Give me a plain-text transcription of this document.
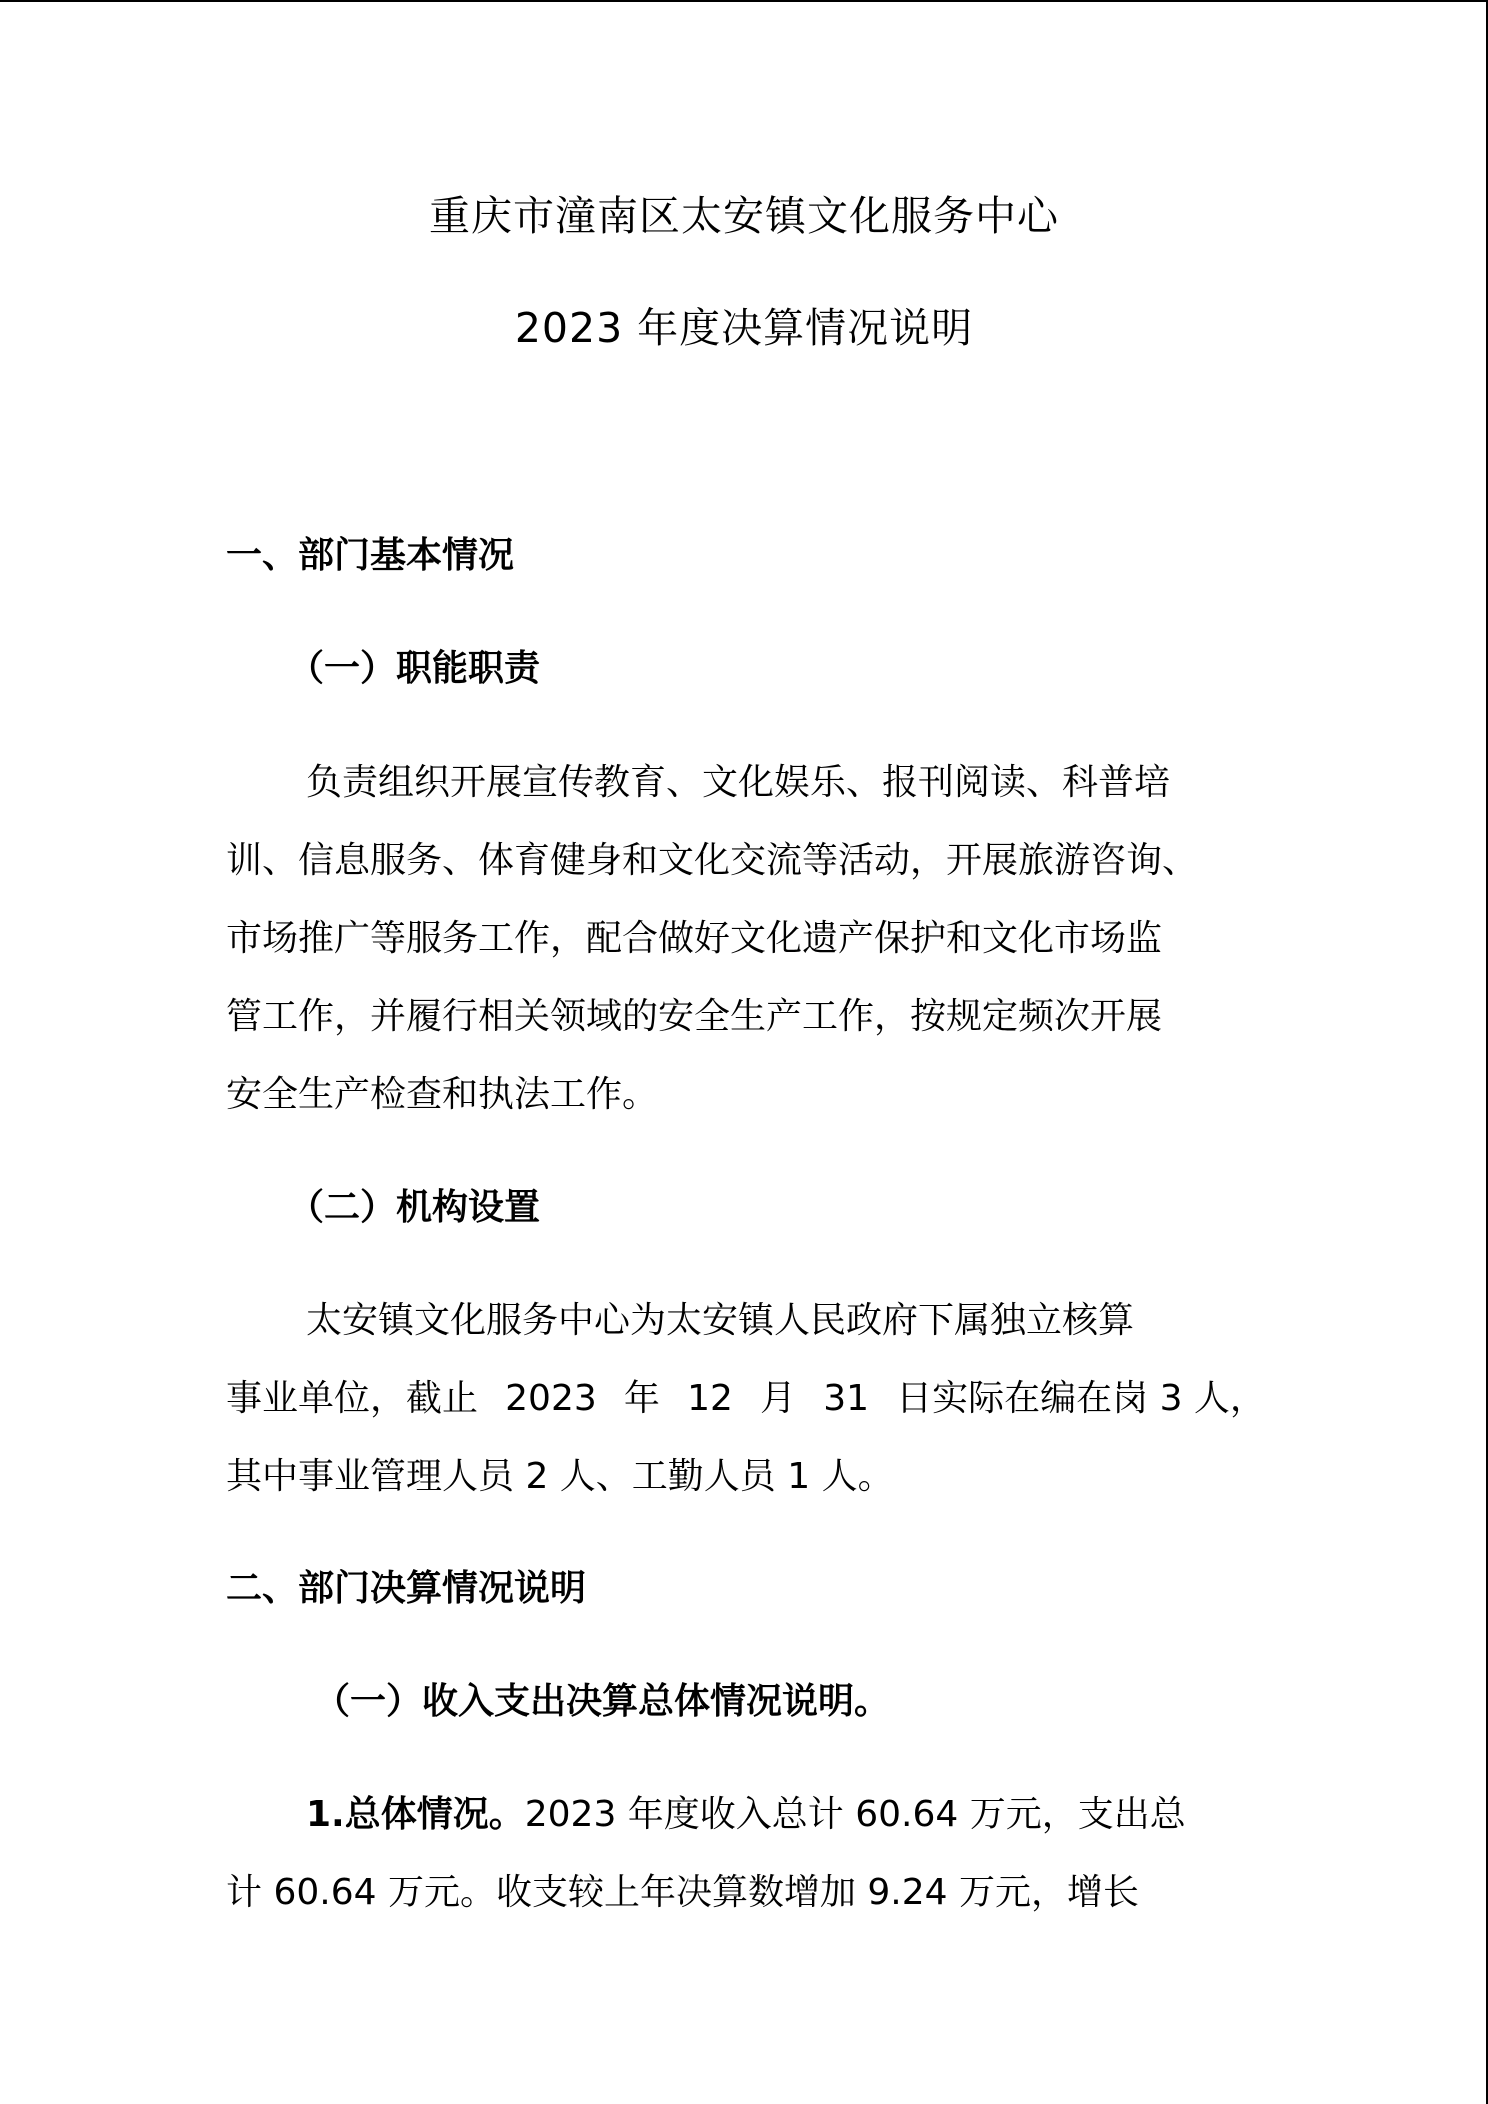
重庆市潼南区太安镇文化服务中心
2023 年度决算情况说明
一、部门基本情况
（一）职能职责
负责组织开展宣传教育、文化娱乐、报刊阅读、科普培
训、信息服务、体育健身和文化交流等活动，开展旅游咨询、
市场推广等服务工作，配合做好文化遗产保护和文化市场监
管工作，并履行相关领域的安全生产工作，按规定频次开展
安全生产检查和执法工作。
（二）机构设置
太安镇文化服务中心为太安镇人民政府下属独立核算
事业单位，截止 2023 年 12 月 31 日实际在编在岗 3 人，
其中事业管理人员 2 人、工勤人员 1 人。
二、部门决算情况说明
（一）收入支出决算总体情况说明。
1.总体情况。2023 年度收入总计 60.64 万元，支出总
计 60.64 万元。收支较上年决算数增加 9.24 万元，增长
